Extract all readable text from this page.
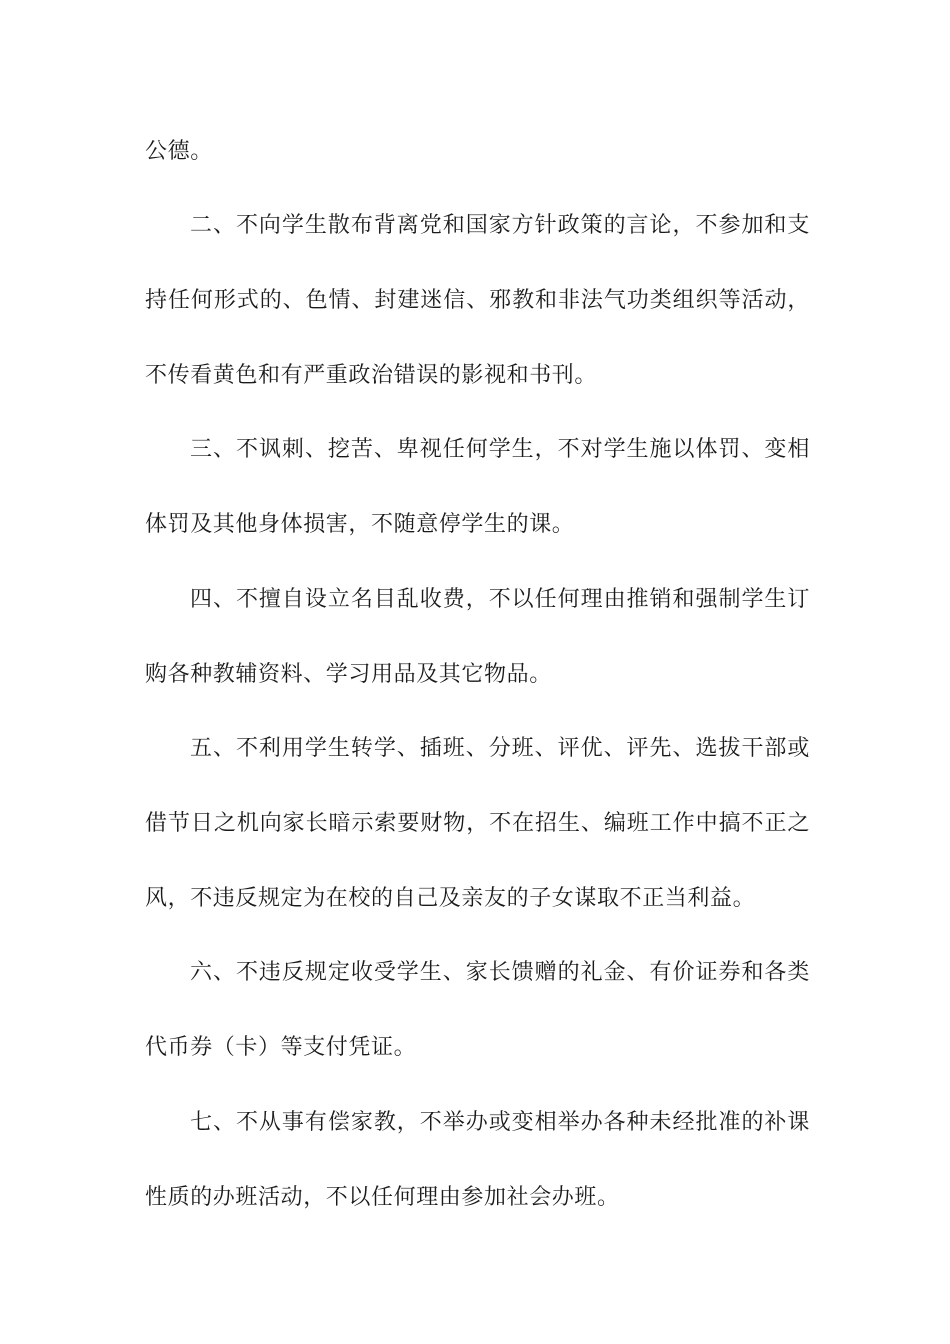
公德。
二、不向学生散布背离党和国家方针政策的言论，不参加和支
持任何形式的、色情、封建迷信、邪教和非法气功类组织等活动，
不传看黄色和有严重政治错误的影视和书刊。
三、不讽刺、挖苦、卑视任何学生，不对学生施以体罚、变相
体罚及其他身体损害，不随意停学生的课。
四、不擅自设立名目乱收费，不以任何理由推销和强制学生订
购各种教辅资料、学习用品及其它物品。
五、不利用学生转学、插班、分班、评优、评先、选拔干部或
借节日之机向家长暗示索要财物，不在招生、编班工作中搞不正之
风，不违反规定为在校的自己及亲友的子女谋取不正当利益。
六、不违反规定收受学生、家长馈赠的礼金、有价证券和各类
代币券（卡）等支付凭证。
七、不从事有偿家教，不举办或变相举办各种未经批准的补课
性质的办班活动，不以任何理由参加社会办班。
